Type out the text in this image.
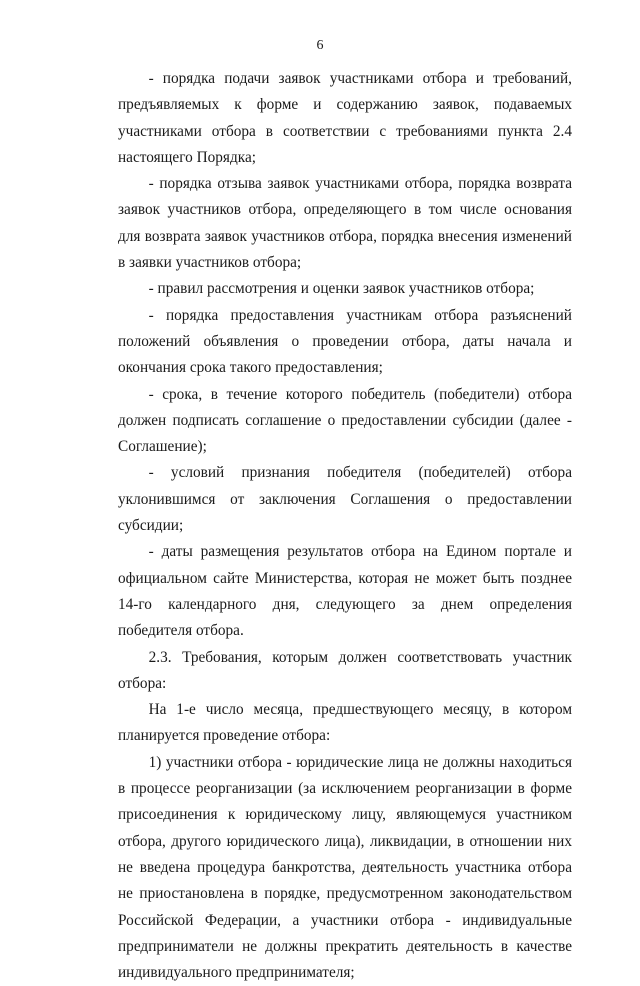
6

- порядка подачи заявок участниками отбора и требований, предъявляемых к форме и содержанию заявок, подаваемых участниками отбора в соответствии с требованиями пункта 2.4 настоящего Порядка;

- порядка отзыва заявок участниками отбора, порядка возврата заявок участников отбора, определяющего в том числе основания для возврата заявок участников отбора, порядка внесения изменений в заявки участников отбора;

- правил рассмотрения и оценки заявок участников отбора;

- порядка предоставления участникам отбора разъяснений положений объявления о проведении отбора, даты начала и окончания срока такого предоставления;

- срока, в течение которого победитель (победители) отбора должен подписать соглашение о предоставлении субсидии (далее - Соглашение);

- условий признания победителя (победителей) отбора уклонившимся от заключения Соглашения о предоставлении субсидии;

- даты размещения результатов отбора на Едином портале и официальном сайте Министерства, которая не может быть позднее 14-го календарного дня, следующего за днем определения победителя отбора.

2.3. Требования, которым должен соответствовать участник отбора:

На 1-е число месяца, предшествующего месяцу, в котором планируется проведение отбора:

1) участники отбора - юридические лица не должны находиться в процессе реорганизации (за исключением реорганизации в форме присоединения к юридическому лицу, являющемуся участником отбора, другого юридического лица), ликвидации, в отношении них не введена процедура банкротства, деятельность участника отбора не приостановлена в порядке, предусмотренном законодательством Российской Федерации, а участники отбора - индивидуальные предприниматели не должны прекратить деятельность в качестве индивидуального предпринимателя;
